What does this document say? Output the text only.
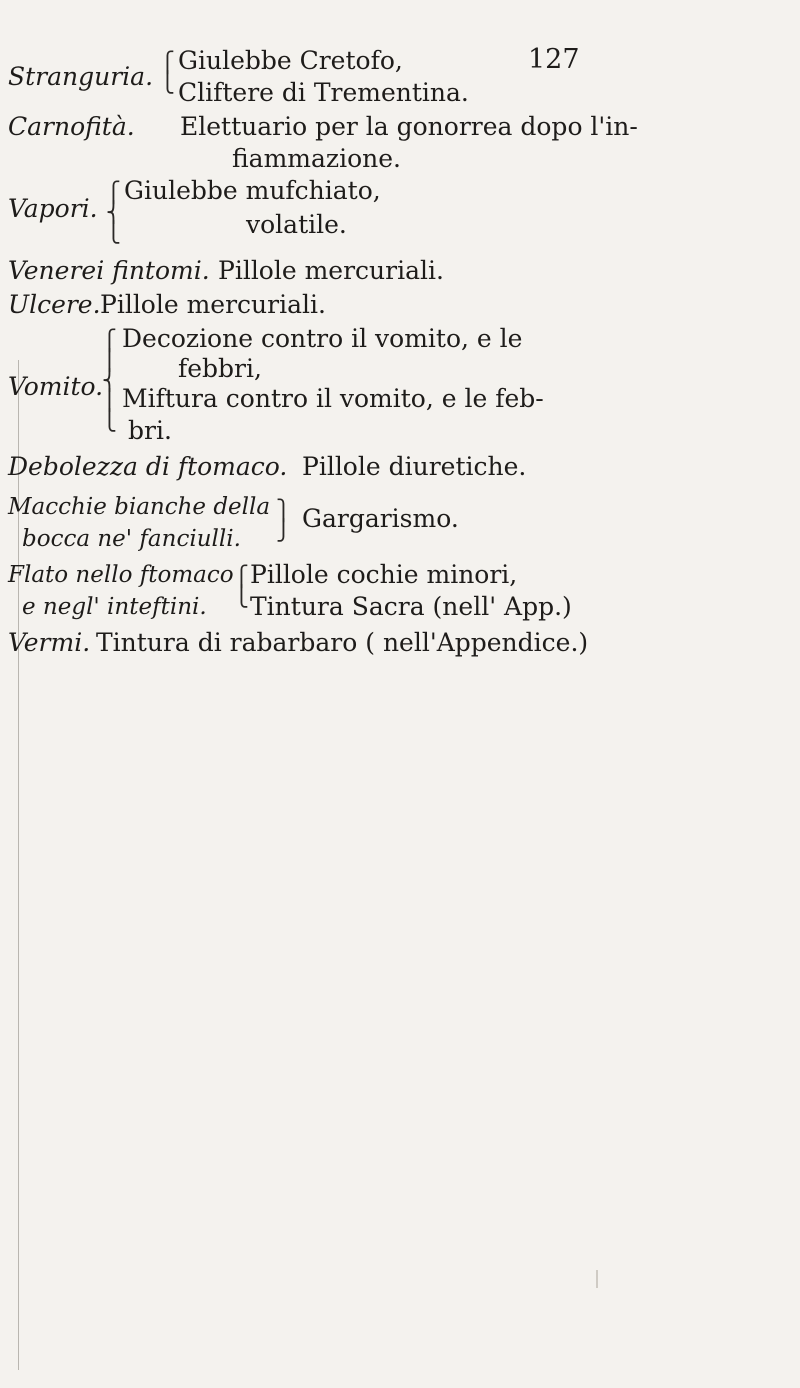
127
Stranguria. ⎧
⎩
Giulebbe Cretofo,
Cliftere di Trementina.
Carnofità. Elettuario per la gonorrea dopo l'in-
fiammazione.
Vapori.
⎧
⎨
⎩
Giulebbe mufchiato,
volatile.
Venerei fintomi. Pillole mercuriali.
Ulcere. Pillole mercuriali.
Vomito.
⎧
⎪
⎨
⎪
⎩
Decozione contro il vomito, e le
febbri,
Miftura contro il vomito, e le feb-
bri.
Debolezza di ftomaco. Pillole diuretiche.
Macchie bianche della
bocca ne' fanciulli.
⎫
⎭ Gargarismo.
Flato nello ftomaco
e negl' inteftini.
⎧
⎩
Pillole cochie minori,
Tintura Sacra (nell' App.)
Vermi. Tintura di rabarbaro ( nell'Appendice.)
